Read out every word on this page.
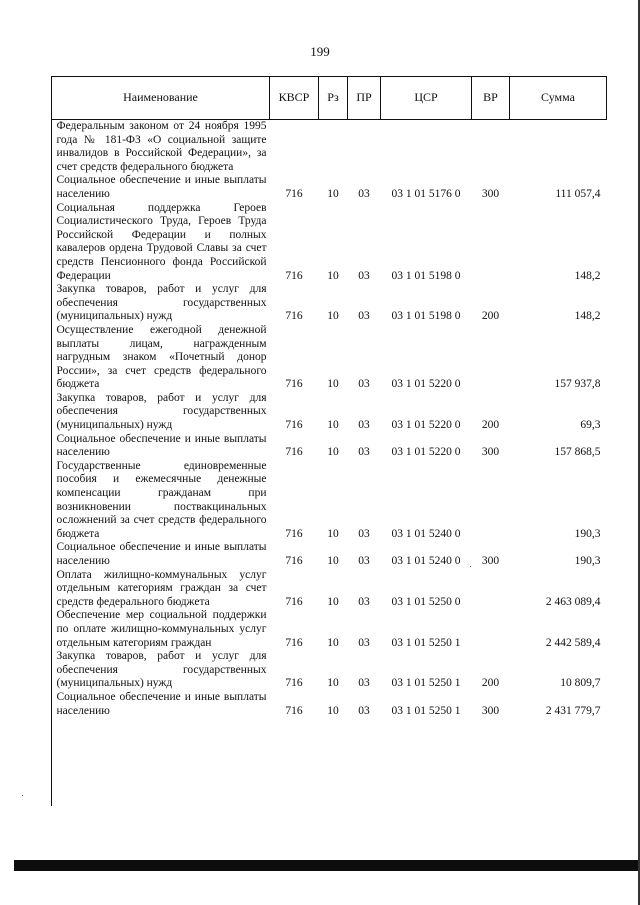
199
Наименование	КВСР	Рз	ПР	ЦСР	ВР	Сумма
Федеральным законом от 24 ноября 1995 года № 181-ФЗ «О социальной защите инвалидов в Российской Федерации», за счет средств федерального бюджета						
Социальное обеспечение и иные выплаты населению	716	10	03	03 1 01 5176 0	300	111 057,4
Социальная поддержка Героев Социалистического Труда, Героев Труда Российской Федерации и полных кавалеров ордена Трудовой Славы за счет средств Пенсионного фонда Российской Федерации	716	10	03	03 1 01 5198 0		148,2
Закупка товаров, работ и услуг для обеспечения государственных (муниципальных) нужд	716	10	03	03 1 01 5198 0	200	148,2
Осуществление ежегодной денежной выплаты лицам, награжденным нагрудным знаком «Почетный донор России», за счет средств федерального бюджета	716	10	03	03 1 01 5220 0		157 937,8
Закупка товаров, работ и услуг для обеспечения государственных (муниципальных) нужд	716	10	03	03 1 01 5220 0	200	69,3
Социальное обеспечение и иные выплаты населению	716	10	03	03 1 01 5220 0	300	157 868,5
Государственные единовременные пособия и ежемесячные денежные компенсации гражданам при возникновении поствакцинальных осложнений за счет средств федерального бюджета	716	10	03	03 1 01 5240 0		190,3
Социальное обеспечение и иные выплаты населению	716	10	03	03 1 01 5240 0	300	190,3
Оплата жилищно-коммунальных услуг отдельным категориям граждан за счет средств федерального бюджета	716	10	03	03 1 01 5250 0		2 463 089,4
Обеспечение мер социальной поддержки по оплате жилищно-коммунальных услуг отдельным категориям граждан	716	10	03	03 1 01 5250 1		2 442 589,4
Закупка товаров, работ и услуг для обеспечения государственных (муниципальных) нужд	716	10	03	03 1 01 5250 1	200	10 809,7
Социальное обеспечение и иные выплаты населению	716	10	03	03 1 01 5250 1	300	2 431 779,7
